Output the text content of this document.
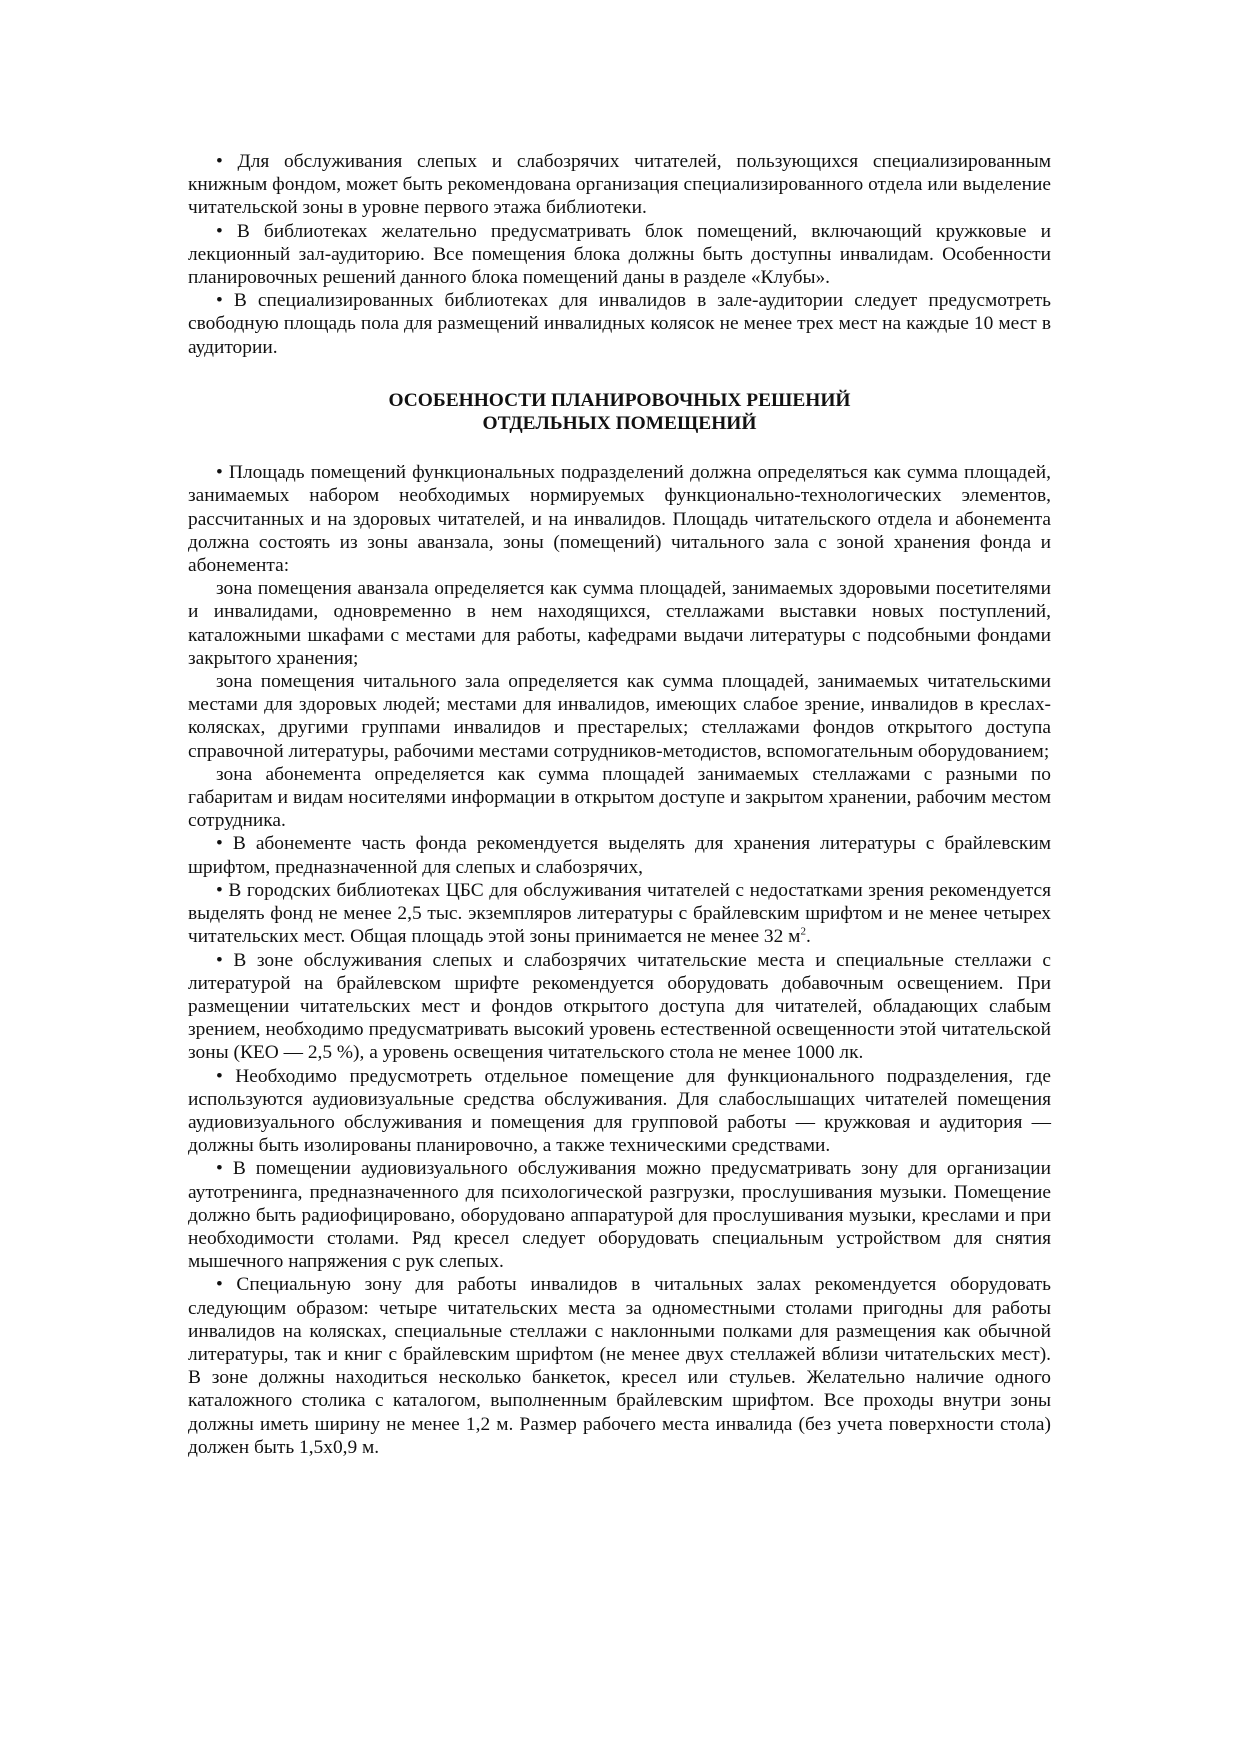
• Для обслуживания слепых и слабозрячих читателей, пользующихся специализированным книжным фондом, может быть рекомендована организация специализированного отдела или выделение читательской зоны в уровне первого этажа библиотеки.

• В библиотеках желательно предусматривать блок помещений, включающий кружковые и лекционный зал-аудиторию. Все помещения блока должны быть доступны инвалидам. Особенности планировочных решений данного блока помещений даны в разделе «Клубы».

• В специализированных библиотеках для инвалидов в зале-аудитории следует предусмотреть свободную площадь пола для размещений инвалидных колясок не менее трех мест на каждые 10 мест в аудитории.

ОСОБЕННОСТИ ПЛАНИРОВОЧНЫХ РЕШЕНИЙ
ОТДЕЛЬНЫХ ПОМЕЩЕНИЙ

• Площадь помещений функциональных подразделений должна определяться как сумма площадей, занимаемых набором необходимых нормируемых функционально-технологических элементов, рассчитанных и на здоровых читателей, и на инвалидов. Площадь читательского отдела и абонемента должна состоять из зоны аванзала, зоны (помещений) читального зала с зоной хранения фонда и абонемента:

зона помещения аванзала определяется как сумма площадей, занимаемых здоровыми посетителями и инвалидами, одновременно в нем находящихся, стеллажами выставки новых поступлений, каталожными шкафами с местами для работы, кафедрами выдачи литературы с подсобными фондами закрытого хранения;

зона помещения читального зала определяется как сумма площадей, занимаемых читательскими местами для здоровых людей; местами для инвалидов, имеющих слабое зрение, инвалидов в креслах-колясках, другими группами инвалидов и престарелых; стеллажами фондов открытого доступа справочной литературы, рабочими местами сотрудников-методистов, вспомогательным оборудованием;

зона абонемента определяется как сумма площадей занимаемых стеллажами с разными по габаритам и видам носителями информации в открытом доступе и закрытом хранении, рабочим местом сотрудника.

• В абонементе часть фонда рекомендуется выделять для хранения литературы с брайлевским шрифтом, предназначенной для слепых и слабозрячих,

• В городских библиотеках ЦБС для обслуживания читателей с недостатками зрения рекомендуется выделять фонд не менее 2,5 тыс. экземпляров литературы с брайлевским шрифтом и не менее четырех читательских мест. Общая площадь этой зоны принимается не менее 32 $м^2$.

• В зоне обслуживания слепых и слабозрячих читательские места и специальные стеллажи с литературой на брайлевском шрифте рекомендуется оборудовать добавочным освещением. При размещении читательских мест и фондов открытого доступа для читателей, обладающих слабым зрением, необходимо предусматривать высокий уровень естественной освещенности этой читательской зоны (КЕО — 2,5 %), а уровень освещения читательского стола не менее 1000 лк.

• Необходимо предусмотреть отдельное помещение для функционального подразделения, где используются аудиовизуальные средства обслуживания. Для слабослышащих читателей помещения аудиовизуального обслуживания и помещения для групповой работы — кружковая и аудитория — должны быть изолированы планировочно, а также техническими средствами.

• В помещении аудиовизуального обслуживания можно предусматривать зону для организации аутотренинга, предназначенного для психологической разгрузки, прослушивания музыки. Помещение должно быть радиофицировано, оборудовано аппаратурой для прослушивания музыки, креслами и при необходимости столами. Ряд кресел следует оборудовать специальным устройством для снятия мышечного напряжения с рук слепых.

• Специальную зону для работы инвалидов в читальных залах рекомендуется оборудовать следующим образом: четыре читательских места за одноместными столами пригодны для работы инвалидов на колясках, специальные стеллажи с наклонными полками для размещения как обычной литературы, так и книг с брайлевским шрифтом (не менее двух стеллажей вблизи читательских мест). В зоне должны находиться несколько банкеток, кресел или стульев. Желательно наличие одного каталожного столика с каталогом, выполненным брайлевским шрифтом. Все проходы внутри зоны должны иметь ширину не менее 1,2 м. Размер рабочего места инвалида (без учета поверхности стола) должен быть 1,5х0,9 м.
